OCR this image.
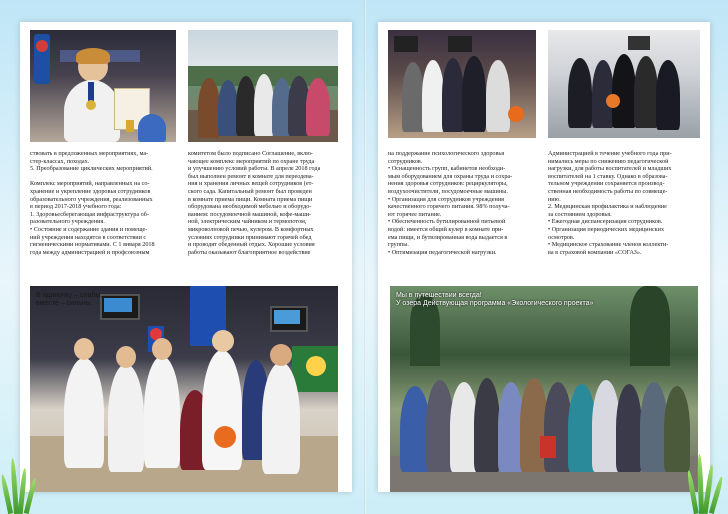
ствовать в предложенных мероприятиях, ма-

стер-классах, походах.

5. Преобразование циклических мероприятий.

Комплекс мероприятий, направленных на со-

хранение и укрепление здоровья сотрудников

образовательного учреждения, реализованных

в период 2017-2018 учебного года:

1. Здоровьесберегающая инфраструктура об-

разовательного учреждения.

• Состояние и содержание здания и помеще-

ний учреждения находятся в соответствии с

гигиеническими нормативами. С 1 января 2018

года между администрацией и профсоюзным

комитетом было подписано Соглашение, вклю-

чающее комплекс мероприятий по охране труда

и улучшению условий работы. В апреле 2018 года

был выполнен ремонт в комнате для переодева-

ния и хранения личных вещей сотрудников (ет-

ского сада. Капитальный ремонт был проведен

в комнате приема пищи. Комната приема пищи

оборудована необходимой мебелью и оборудо-

ванием: посудомоечной машиной, кофе-маши-

ной, электрическим чайником и термопотом,

микроволновой печью, кулером. В комфортных

условиях сотрудники принимают горячей обед

и проводят обеденный отдых. Хорошие условия

работы оказывают благоприятное воздействие

В одиночку – слабы,
вместе – сильны.

на поддержание психологического здоровья

сотрудников.

• Оснащенность групп, кабинетов необходи-

мым оборудованием для охраны труда и сохра-

нения здоровья сотрудников: рециркуляторы,

воздухоочистители, посудомоечные машины.

• Организация для сотрудников учреждения

качественного горячего питания. 98% получа-

ют горячее питание.

• Обеспеченность бутилированной питьевой

водой: имеется общий кулер в комнате при-

ема пищи, и бутилированная вода выдается в

группы.

• Оптимизация педагогической нагрузки.

Администрацией в течение учебного года при-

нимались меры по снижению педагогической

нагрузки, для работы воспитателей и младших

воспитателей на 1 ставку. Однако в образова-

тельном учреждении сохраняется производ-

ственная необходимость работы по совмеще-

нию.

2. Медицинская профилактика и наблюдение

за состоянием здоровья.

• Ежегодная диспансеризация сотрудников.

• Организация периодических медицинских

осмотров.

• Медицинское страхование членов коллекти-

ва в страховой компании «СОГАЗ».

Мы в путешествии всегда!
У озера Действующая программа «Экологического проекта»
